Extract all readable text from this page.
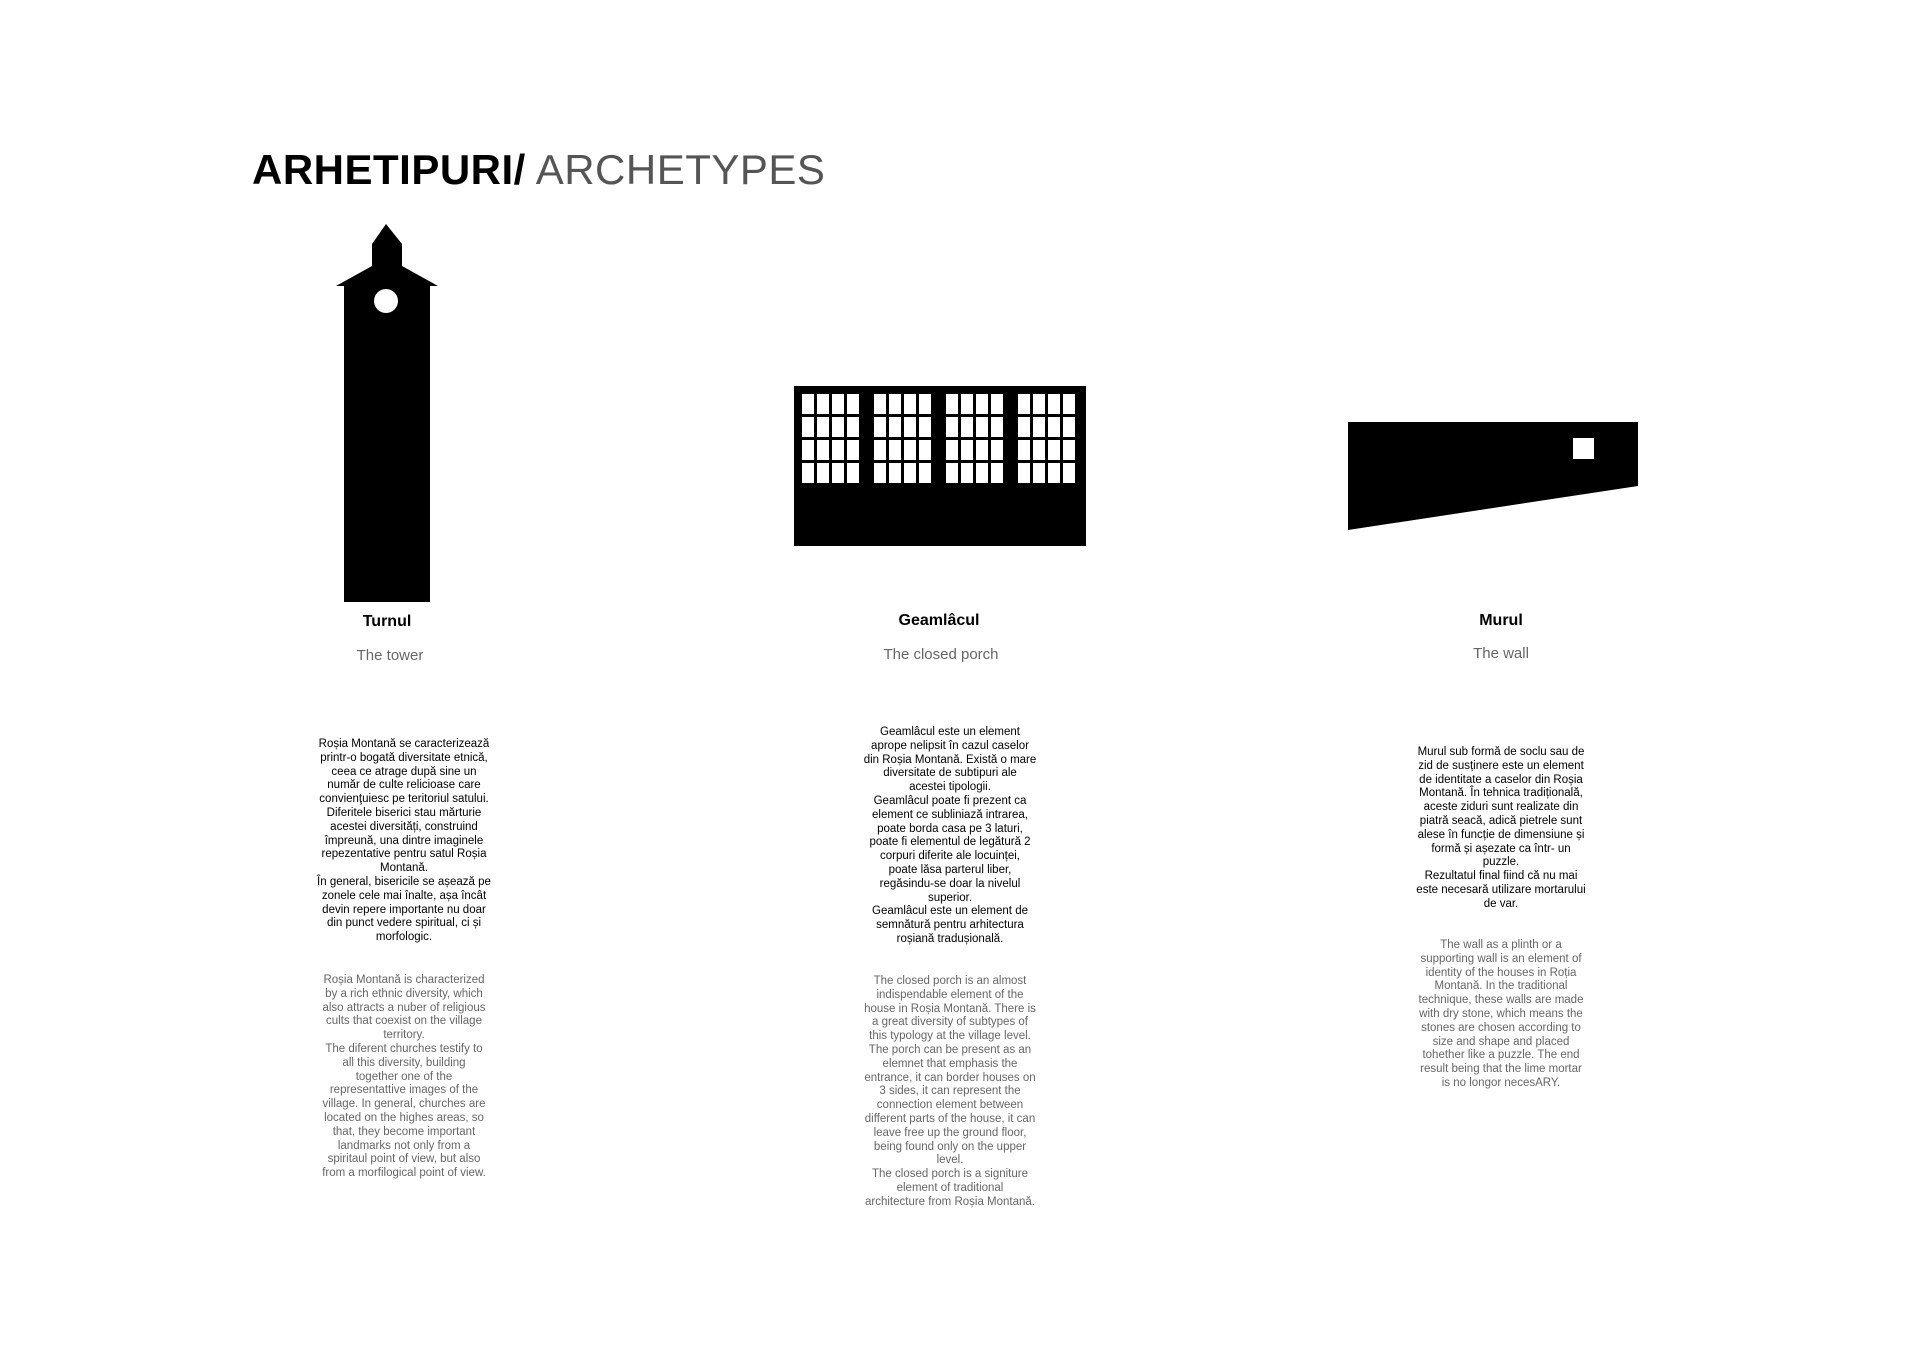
ARHETIPURI/ ARCHETYPES
Turnul
The tower
Roșia Montană se caracterizează
printr-o bogată diversitate etnică,
ceea ce atrage după sine un
număr de culte relicioase care
convienţuiesc pe teritoriul satului.
Diferitele biserici stau mărturie
acestei diversități, construind
împreună, una dintre imaginele
repezentative pentru satul Roșia
Montană.
În general, bisericile se așează pe
zonele cele mai înalte, așa încât
devin repere importante nu doar
din punct vedere spiritual, ci și
morfologic.
Roșia Montană is characterized
by a rich ethnic diversity, which
also attracts a nuber of religious
cults that coexist on the village
territory.
The diferent churches testify to
all this diversity, building
together one of the
representattive images of the
village. In general, churches are
located on the highes areas, so
that, they become important
landmarks not only from a
spiritaul point of view, but also
from a morfilogical point of view.
Geamlâcul
The closed porch
Geamlâcul este un element
aprope nelipsit în cazul caselor
din Roșia Montană. Există o mare
diversitate de subtipuri ale
acestei tipologii.
Geamlâcul poate fi prezent ca
element ce subliniază intrarea,
poate borda casa pe 3 laturi,
poate fi elementul de legătură 2
corpuri diferite ale locuinței,
poate lăsa parterul liber,
regăsindu-se doar la nivelul
superior.
Geamlâcul este un element de
semnătură pentru arhitectura
roșiană tradușională.
The closed porch is an almost
indispendable element of the
house in Roșia Montană. There is
a great diversity of subtypes of
this typology at the village level.
The porch can be present as an
elemnet that emphasis the
entrance, it can border houses on
3 sides, it can represent the
connection element between
different parts of the house, it can
leave free up the ground floor,
being found only on the upper
level.
The closed porch is a signiture
element of traditional
architecture from Roșia Montană.
Murul
The wall
Murul sub formă de soclu sau de
zid de susținere este un element
de identitate a caselor din Roșia
Montană. În tehnica tradițională,
aceste ziduri sunt realizate din
piatră seacă, adică pietrele sunt
alese în funcție de dimensiune și
formă și așezate ca într- un
puzzle.
Rezultatul final fiind că nu mai
este necesară utilizare mortarului
de var.
The wall as a plinth or a
supporting wall is an element of
identity of the houses in Roția
Montană. In the traditional
technique, these walls are made
with dry stone, which means the
stones are chosen according to
size and shape and placed
tohether like a puzzle. The end
result being that the lime mortar
is no longor necesARY.
